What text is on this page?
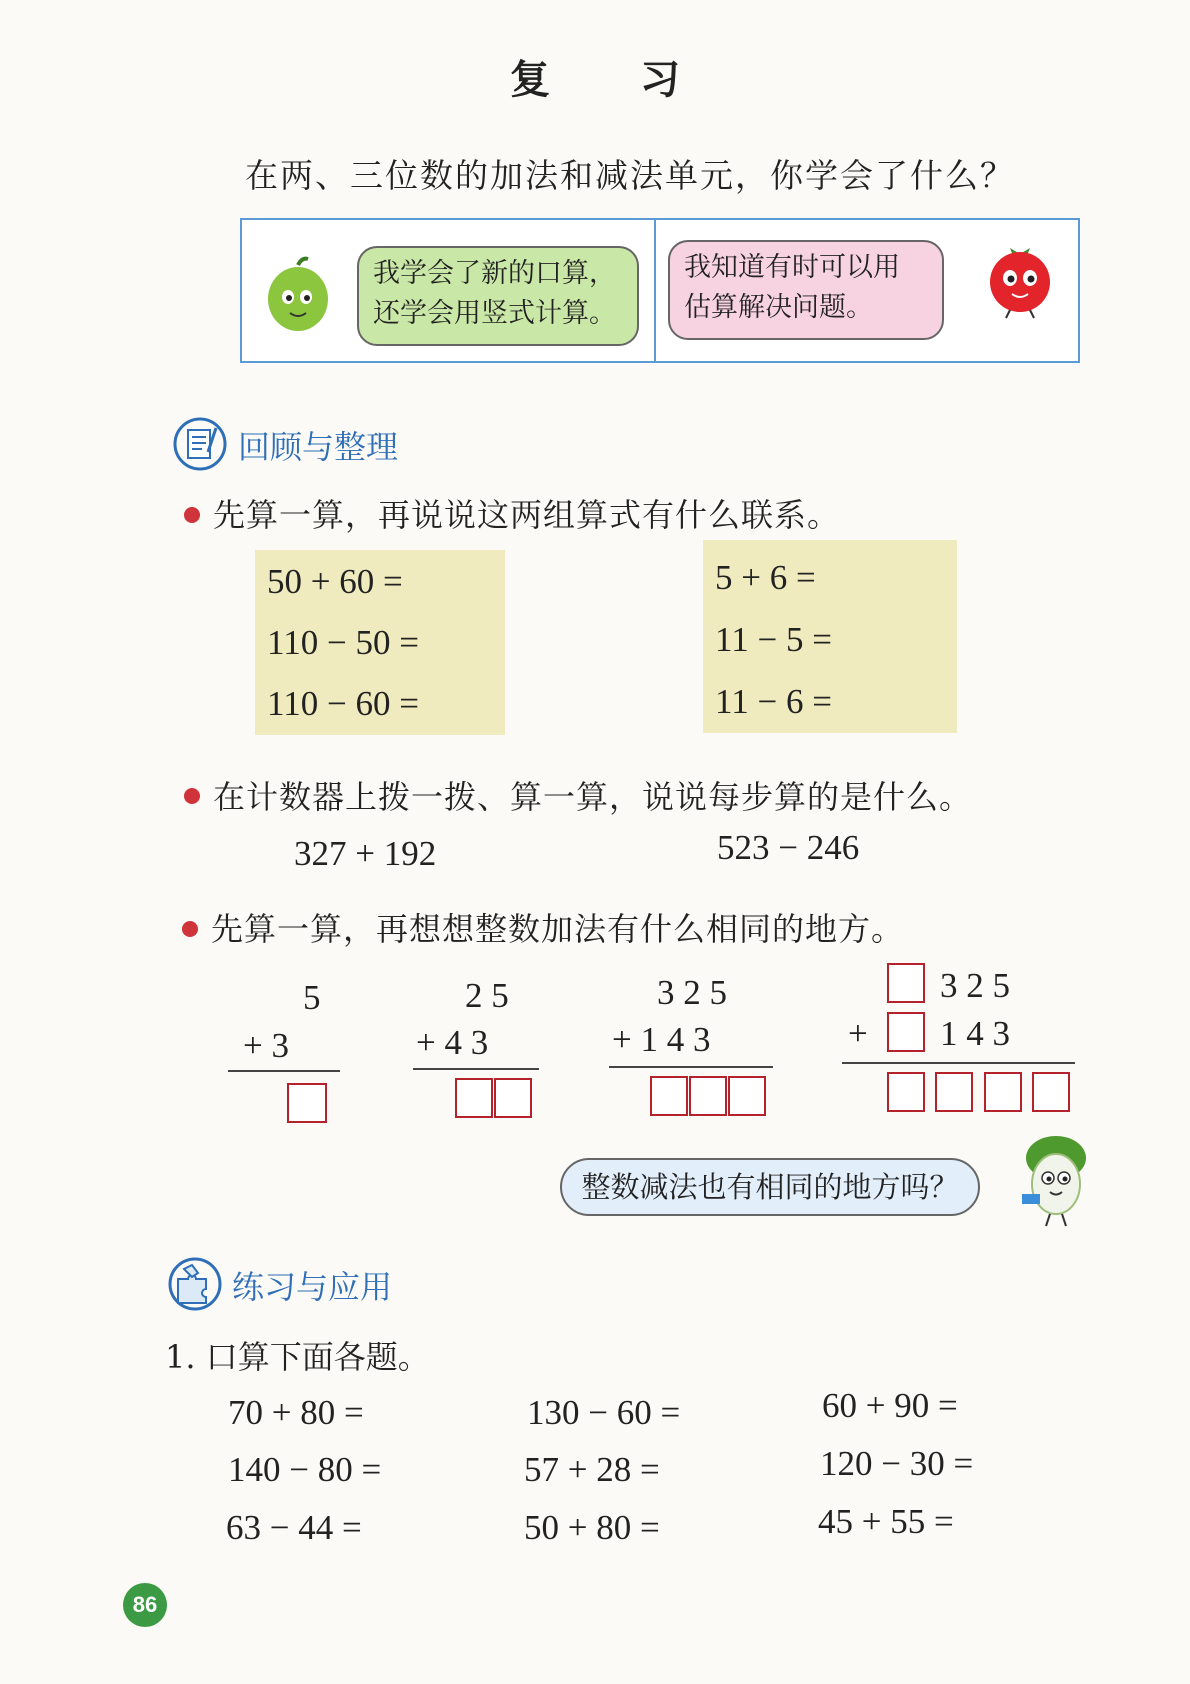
复 习
在两、三位数的加法和减法单元，你学会了什么？
我学会了新的口算，
还学会用竖式计算。
我知道有时可以用
估算解决问题。
回顾与整理
先算一算，再说说这两组算式有什么联系。
50 + 60 =
110 − 50 =
110 − 60 =
5 + 6 =
11 − 5 =
11 − 6 =
在计数器上拨一拨、算一算，说说每步算的是什么。
327 + 192	523 − 246
先算一算，再想想整数加法有什么相同的地方。
5
+ 3
2 5
+ 4 3
3 2 5
+ 1 4 3
3 2 5
+ 1 4 3
整数减法也有相同的地方吗？
练习与应用
1. 口算下面各题。
70 + 80 =	130 − 60 =	60 + 90 =
140 − 80 =	57 + 28 =	120 − 30 =
63 − 44 =	50 + 80 =	45 + 55 =
86
